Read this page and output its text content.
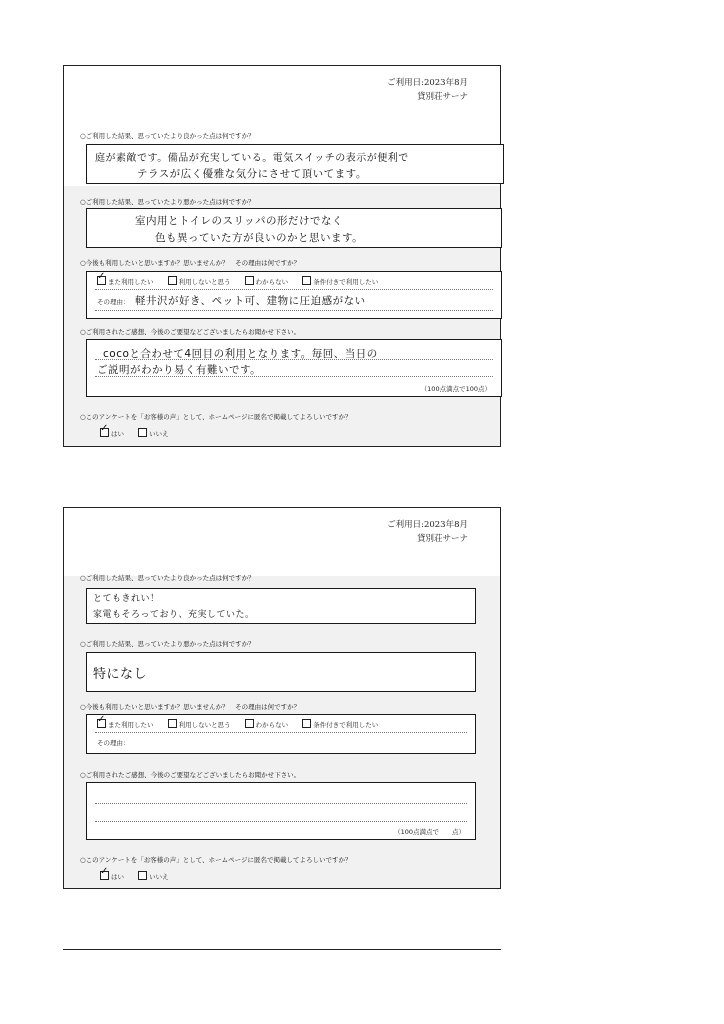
ご利用日:2023年8月
貸別荘サーナ
○ご利用した結果、思っていたより良かった点は何ですか？
庭が素敵です。備品が充実している。電気スイッチの表示が便利で
テラスが広く優雅な気分にさせて頂いてます。
○ご利用した結果、思っていたより悪かった点は何ですか？
室内用とトイレのスリッパの形だけでなく
色も異っていた方が良いのかと思います。
○今後も利用したいと思いますか？思いませんか？　その理由は何ですか？
✓また利用したい	利用しないと思う	わからない	条件付きで利用したい
その理由： 軽井沢が好き、ペット可、建物に圧迫感がない
○ご利用されたご感想、今後のご要望などございましたらお聞かせ下さい。
cocoと合わせて4回目の利用となります。毎回、当日の
ご説明がわかり易く有難いです。
（100点満点で100点）
○このアンケートを「お客様の声」として、ホームページに匿名で掲載してよろしいですか？
✓はい	いいえ
ご利用日:2023年8月
貸別荘サーナ
○ご利用した結果、思っていたより良かった点は何ですか？
とてもきれい！
家電もそろっており、充実していた。
○ご利用した結果、思っていたより悪かった点は何ですか？
特になし
○今後も利用したいと思いますか？思いませんか？　その理由は何ですか？
✓また利用したい	利用しないと思う	わからない	条件付きで利用したい
その理由：
○ご利用されたご感想、今後のご要望などございましたらお聞かせ下さい。
（100点満点で　　点）
○このアンケートを「お客様の声」として、ホームページに匿名で掲載してよろしいですか？
✓はい	いいえ
